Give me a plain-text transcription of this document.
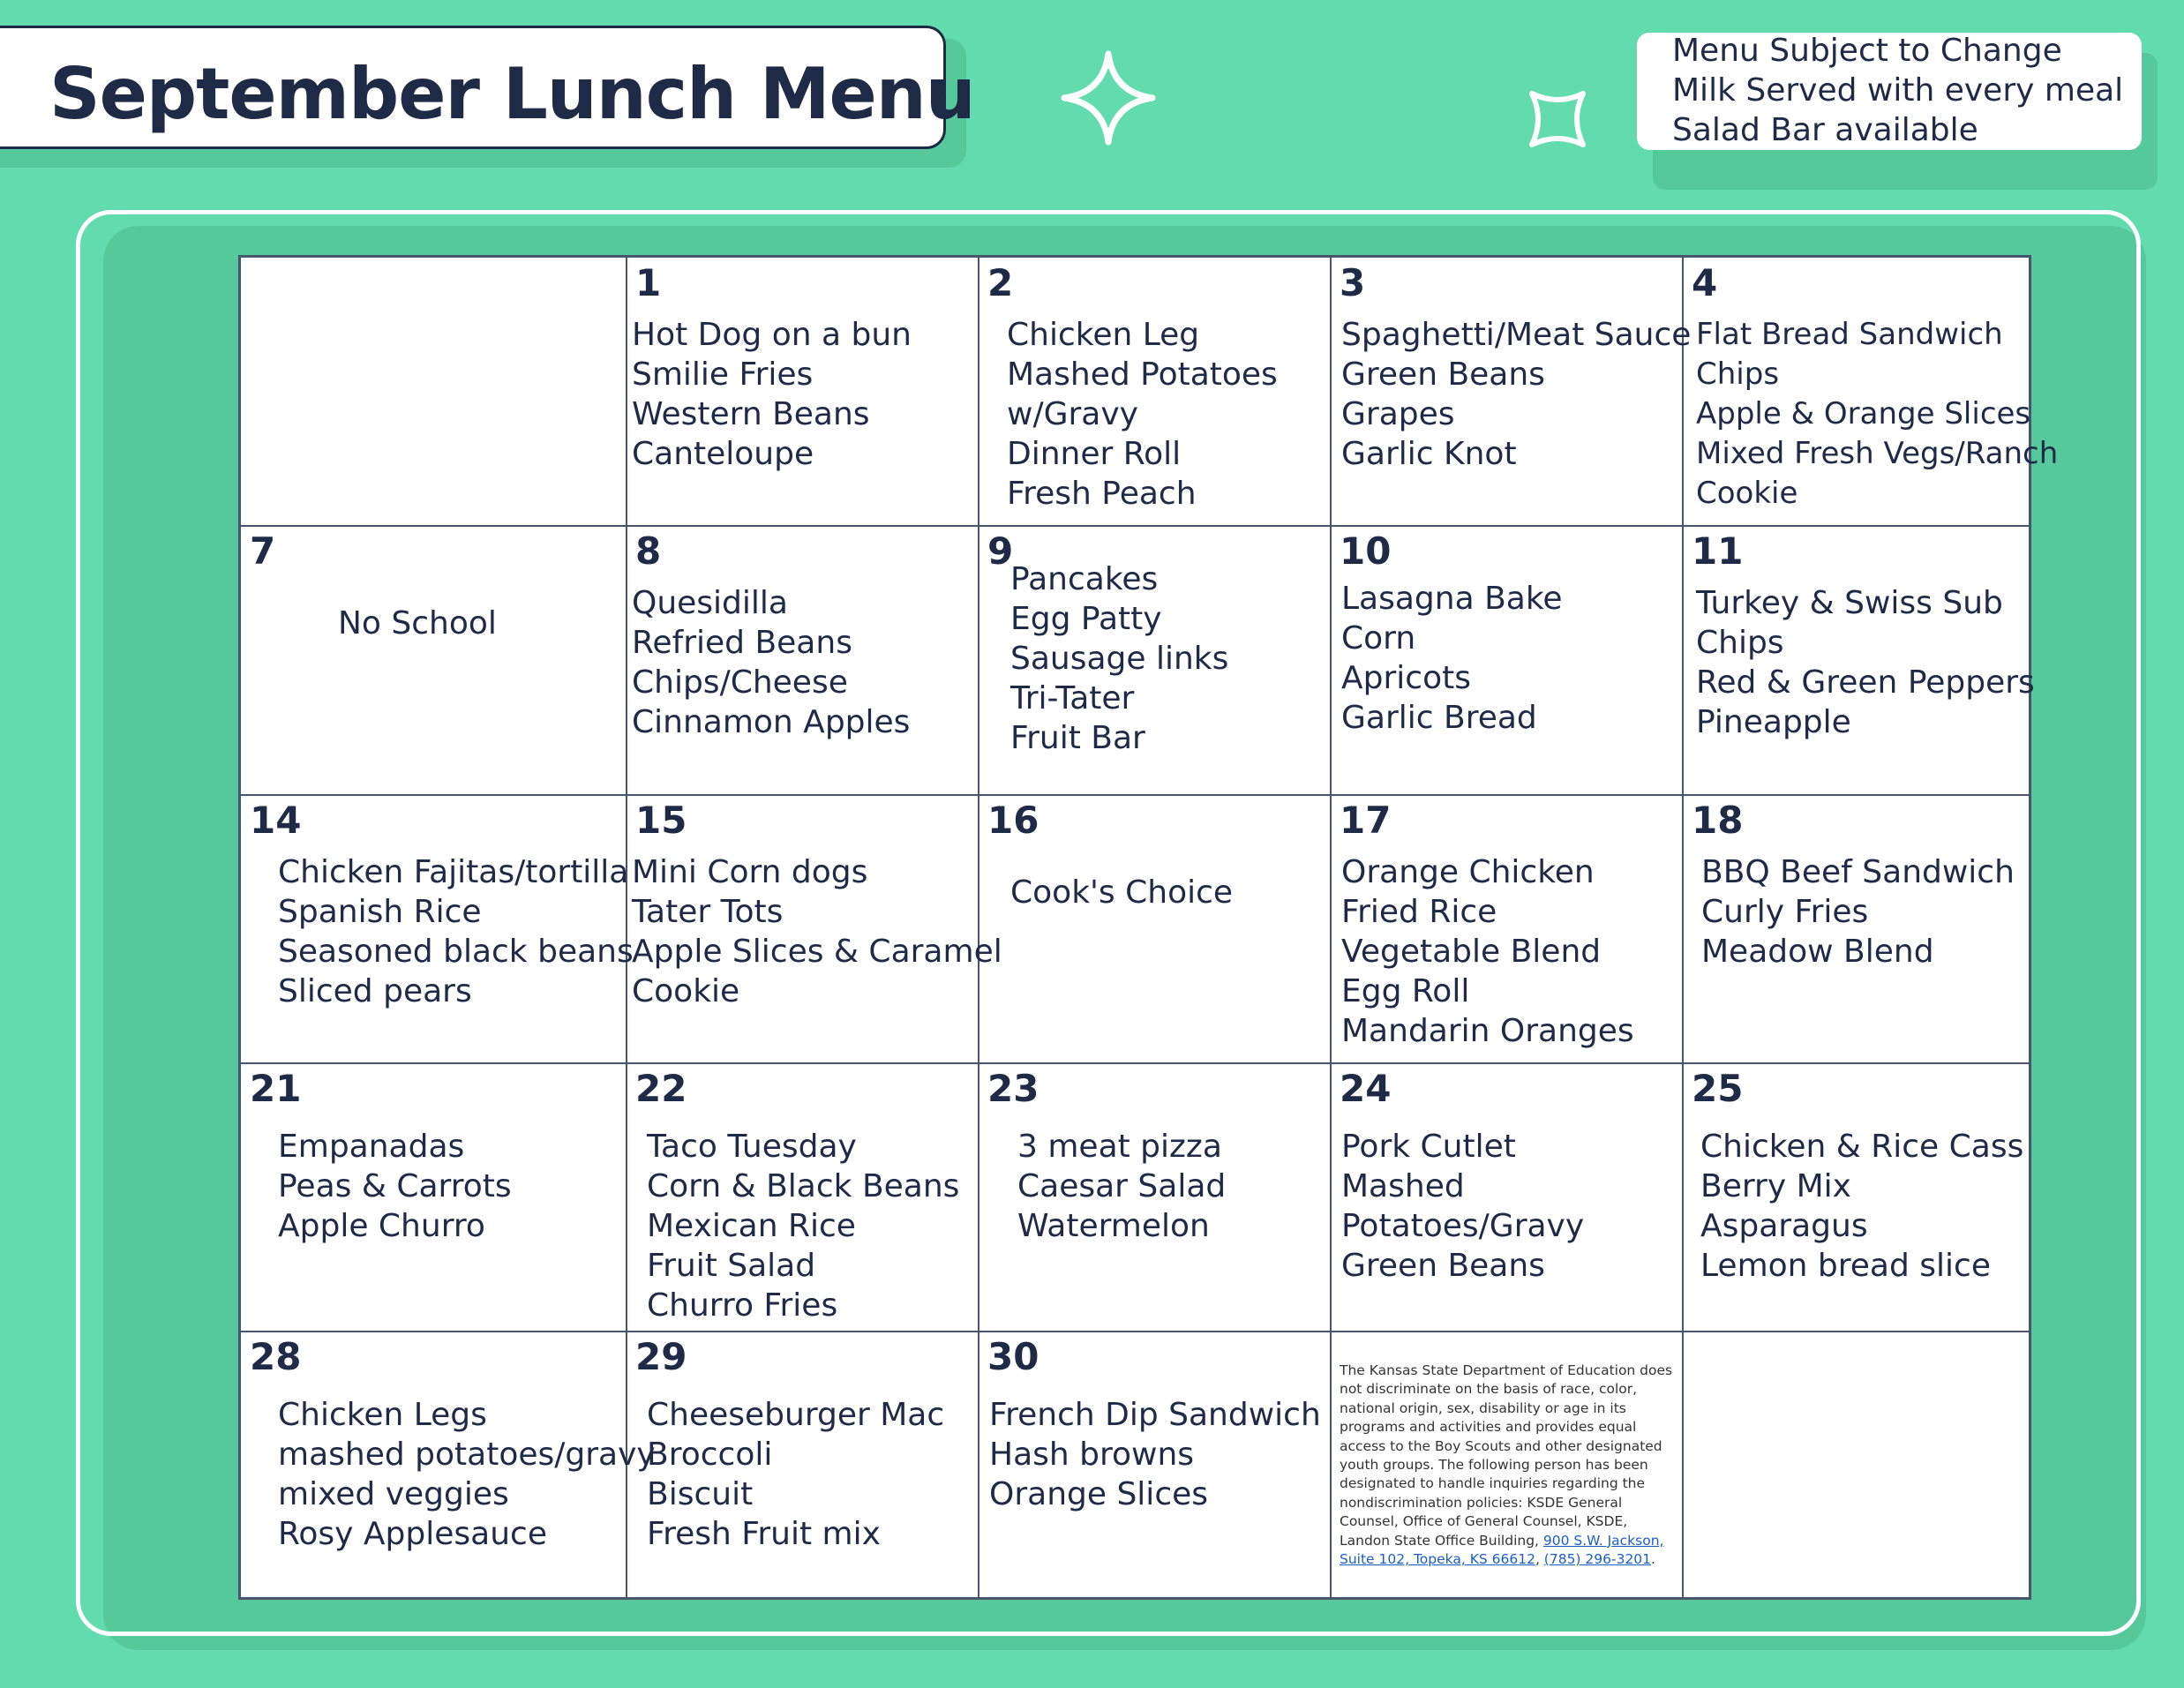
September Lunch Menu
Menu Subject to Change
Milk Served with every meal
Salad Bar available
1
Hot Dog on a bun
Smilie Fries
Western Beans
Canteloupe
2
Chicken Leg
Mashed Potatoes
w/Gravy
Dinner Roll
Fresh Peach
3
Spaghetti/Meat Sauce
Green Beans
Grapes
Garlic Knot
4
Flat Bread Sandwich
Chips
Apple & Orange Slices
Mixed Fresh Vegs/Ranch
Cookie
7
No School
8
Quesidilla
Refried Beans
Chips/Cheese
Cinnamon Apples
9
Pancakes
Egg Patty
Sausage links
Tri-Tater
Fruit Bar
10
Lasagna Bake
Corn
Apricots
Garlic Bread
11
Turkey & Swiss Sub
Chips
Red & Green Peppers
Pineapple
14
Chicken Fajitas/tortilla
Spanish Rice
Seasoned black beans
Sliced pears
15
Mini Corn dogs
Tater Tots
Apple Slices & Caramel
Cookie
16
Cook's Choice
17
Orange Chicken
Fried Rice
Vegetable Blend
Egg Roll
Mandarin Oranges
18
BBQ Beef Sandwich
Curly Fries
Meadow Blend
21
Empanadas
Peas & Carrots
Apple Churro
22
Taco Tuesday
Corn & Black Beans
Mexican Rice
Fruit Salad
Churro Fries
23
3 meat pizza
Caesar Salad
Watermelon
24
Pork Cutlet
Mashed
Potatoes/Gravy
Green Beans
25
Chicken & Rice Cass
Berry Mix
Asparagus
Lemon bread slice
28
Chicken Legs
mashed potatoes/gravy
mixed veggies
Rosy Applesauce
29
Cheeseburger Mac
Broccoli
Biscuit
Fresh Fruit mix
30
French Dip Sandwich
Hash browns
Orange Slices
The Kansas State Department of Education does not discriminate on the basis of race, color, national origin, sex, disability or age in its programs and activities and provides equal access to the Boy Scouts and other designated youth groups. The following person has been designated to handle inquiries regarding the nondiscrimination policies: KSDE General Counsel, Office of General Counsel, KSDE, Landon State Office Building, 900 S.W. Jackson, Suite 102, Topeka, KS 66612, (785) 296-3201.
